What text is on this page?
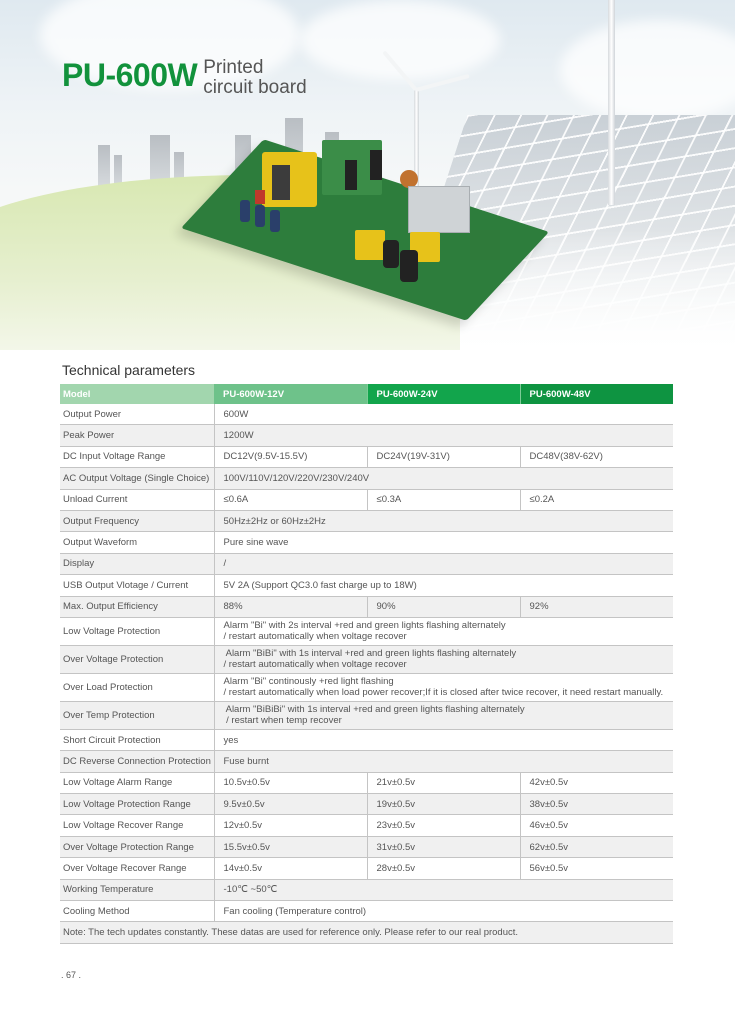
PU-600W Printed
circuit board
Technical parameters
Model	PU-600W-12V	PU-600W-24V	PU-600W-48V
Output Power	600W		
Peak Power	1200W		
DC Input Voltage Range	DC12V(9.5V-15.5V)	DC24V(19V-31V)	DC48V(38V-62V)
AC Output Voltage (Single Choice)	100V/110V/120V/220V/230V/240V		
Unload Current	≤0.6A	≤0.3A	≤0.2A
Output Frequency	50Hz±2Hz or 60Hz±2Hz		
Output Waveform	Pure sine wave		
Display	/		
USB Output Vlotage / Current	5V 2A (Support QC3.0 fast charge up to 18W)		
Max. Output Efficiency	88%	90%	92%
Low Voltage Protection	Alarm "Bi" with 2s interval +red and green lights flashing alternately
/ restart automatically when voltage recover		

Over Voltage Protection	Alarm "BiBi" with 1s interval +red and green lights flashing alternately
/ restart automatically when voltage recover		

Over Load Protection	Alarm "Bi" continously +red light flashing
/ restart automatically when load power recover;If it is closed after twice recover, it need restart manually.		

Over Temp Protection	Alarm "BiBiBi" with 1s interval +red and green lights flashing alternately
/ restart when temp recover		

Short Circuit Protection	yes		
DC Reverse Connection Protection	Fuse burnt		
Low Voltage Alarm Range	10.5v±0.5v	21v±0.5v	42v±0.5v
Low Voltage Protection Range	9.5v±0.5v	19v±0.5v	38v±0.5v
Low Voltage Recover Range	12v±0.5v	23v±0.5v	46v±0.5v
Over Voltage Protection Range	15.5v±0.5v	31v±0.5v	62v±0.5v
Over Voltage Recover Range	14v±0.5v	28v±0.5v	56v±0.5v
Working Temperature	-10℃ ~50℃		
Cooling Method	Fan cooling (Temperature control)		
Note: The tech updates constantly. These datas are used for reference only. Please refer to our real product.			
. 67 .
